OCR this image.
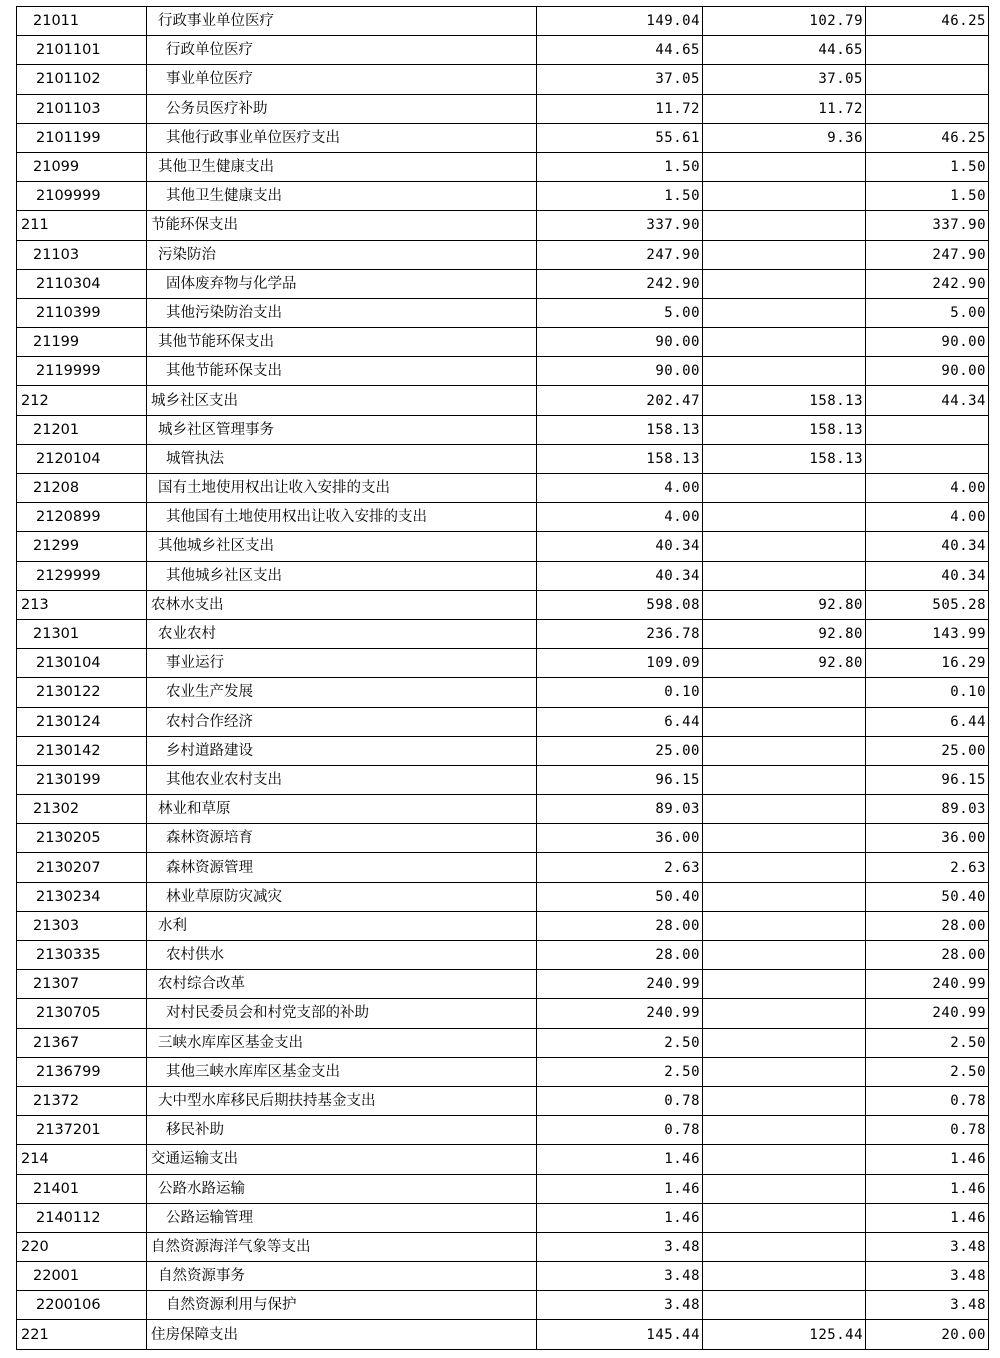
21011	行政事业单位医疗	149.04	102.79	46.25
2101101	行政单位医疗	44.65	44.65	
2101102	事业单位医疗	37.05	37.05	
2101103	公务员医疗补助	11.72	11.72	
2101199	其他行政事业单位医疗支出	55.61	9.36	46.25
21099	其他卫生健康支出	1.50		1.50
2109999	其他卫生健康支出	1.50		1.50
211	节能环保支出	337.90		337.90
21103	污染防治	247.90		247.90
2110304	固体废弃物与化学品	242.90		242.90
2110399	其他污染防治支出	5.00		5.00
21199	其他节能环保支出	90.00		90.00
2119999	其他节能环保支出	90.00		90.00
212	城乡社区支出	202.47	158.13	44.34
21201	城乡社区管理事务	158.13	158.13	
2120104	城管执法	158.13	158.13	
21208	国有土地使用权出让收入安排的支出	4.00		4.00
2120899	其他国有土地使用权出让收入安排的支出	4.00		4.00
21299	其他城乡社区支出	40.34		40.34
2129999	其他城乡社区支出	40.34		40.34
213	农林水支出	598.08	92.80	505.28
21301	农业农村	236.78	92.80	143.99
2130104	事业运行	109.09	92.80	16.29
2130122	农业生产发展	0.10		0.10
2130124	农村合作经济	6.44		6.44
2130142	乡村道路建设	25.00		25.00
2130199	其他农业农村支出	96.15		96.15
21302	林业和草原	89.03		89.03
2130205	森林资源培育	36.00		36.00
2130207	森林资源管理	2.63		2.63
2130234	林业草原防灾减灾	50.40		50.40
21303	水利	28.00		28.00
2130335	农村供水	28.00		28.00
21307	农村综合改革	240.99		240.99
2130705	对村民委员会和村党支部的补助	240.99		240.99
21367	三峡水库库区基金支出	2.50		2.50
2136799	其他三峡水库库区基金支出	2.50		2.50
21372	大中型水库移民后期扶持基金支出	0.78		0.78
2137201	移民补助	0.78		0.78
214	交通运输支出	1.46		1.46
21401	公路水路运输	1.46		1.46
2140112	公路运输管理	1.46		1.46
220	自然资源海洋气象等支出	3.48		3.48
22001	自然资源事务	3.48		3.48
2200106	自然资源利用与保护	3.48		3.48
221	住房保障支出	145.44	125.44	20.00
